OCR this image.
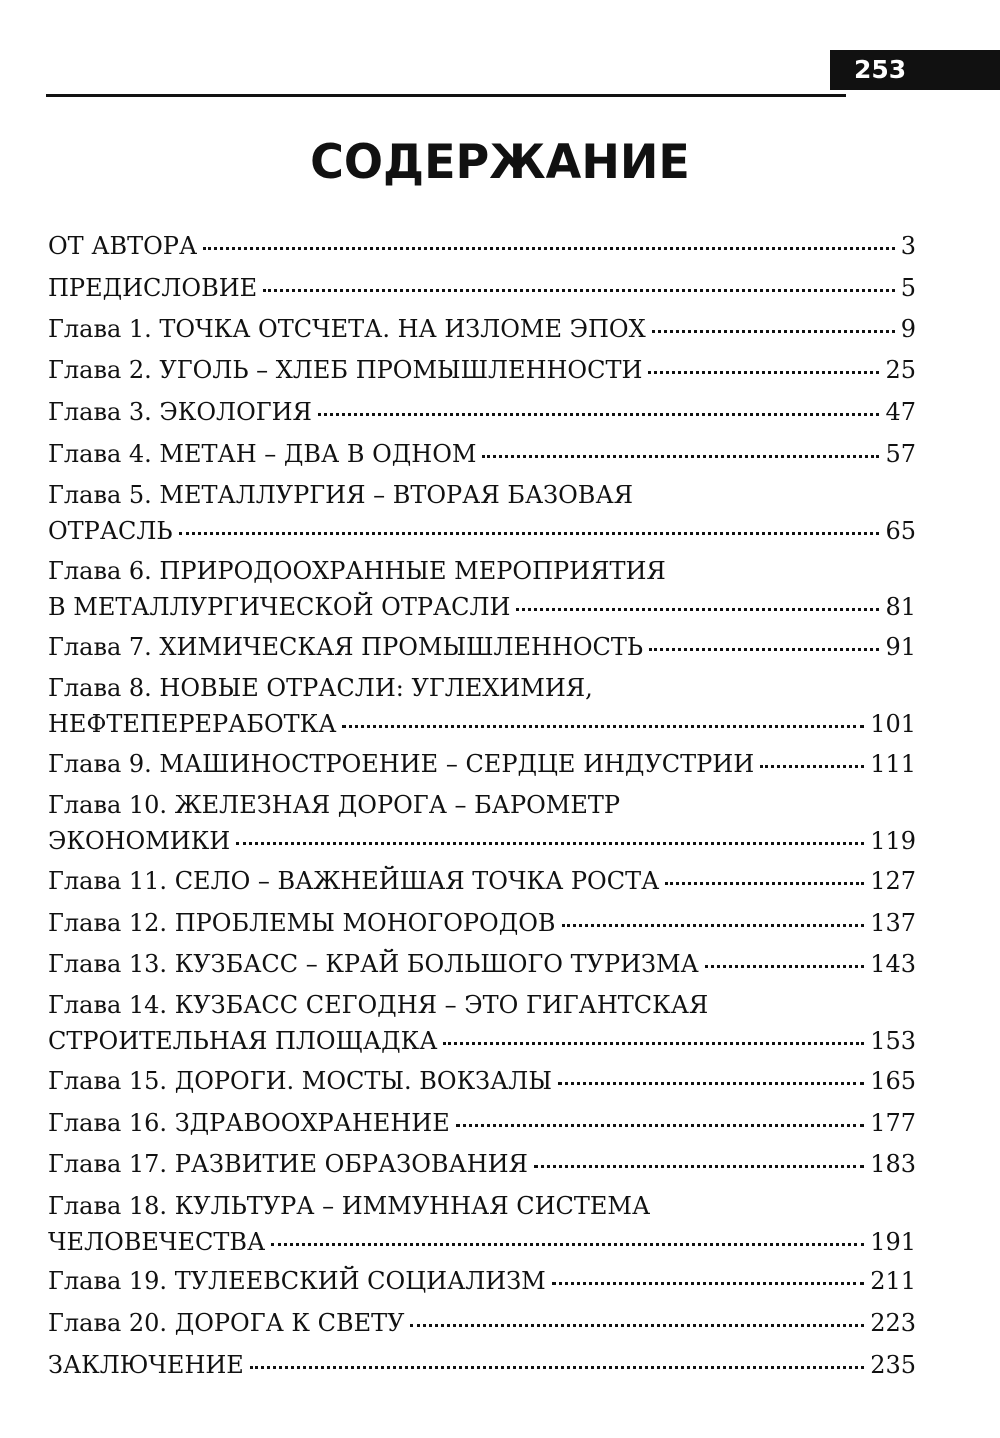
253
СОДЕРЖАНИЕ
ОТ АВТОРА	3
ПРЕДИСЛОВИЕ	5
Глава 1. ТОЧКА ОТСЧЕТА. НА ИЗЛОМЕ ЭПОХ	9
Глава 2. УГОЛЬ – ХЛЕБ ПРОМЫШЛЕННОСТИ	25
Глава 3. ЭКОЛОГИЯ	47
Глава 4. МЕТАН – ДВА В ОДНОМ	57
Глава 5. МЕТАЛЛУРГИЯ – ВТОРАЯ БАЗОВАЯ
ОТРАСЛЬ	65
Глава 6. ПРИРОДООХРАННЫЕ МЕРОПРИЯТИЯ
В МЕТАЛЛУРГИЧЕСКОЙ ОТРАСЛИ	81
Глава 7. ХИМИЧЕСКАЯ ПРОМЫШЛЕННОСТЬ	91
Глава 8. НОВЫЕ ОТРАСЛИ: УГЛЕХИМИЯ,
НЕФТЕПЕРЕРАБОТКА	101
Глава 9. МАШИНОСТРОЕНИЕ – СЕРДЦЕ ИНДУСТРИИ	111
Глава 10. ЖЕЛЕЗНАЯ ДОРОГА – БАРОМЕТР
ЭКОНОМИКИ	119
Глава 11. СЕЛО – ВАЖНЕЙШАЯ ТОЧКА РОСТА	127
Глава 12. ПРОБЛЕМЫ МОНОГОРОДОВ	137
Глава 13. КУЗБАСС – КРАЙ БОЛЬШОГО ТУРИЗМА	143
Глава 14. КУЗБАСС СЕГОДНЯ – ЭТО ГИГАНТСКАЯ
СТРОИТЕЛЬНАЯ ПЛОЩАДКА	153
Глава 15. ДОРОГИ. МОСТЫ. ВОКЗАЛЫ	165
Глава 16. ЗДРАВООХРАНЕНИЕ	177
Глава 17. РАЗВИТИЕ ОБРАЗОВАНИЯ	183
Глава 18. КУЛЬТУРА – ИММУННАЯ СИСТЕМА
ЧЕЛОВЕЧЕСТВА	191
Глава 19. ТУЛЕЕВСКИЙ СОЦИАЛИЗМ	211
Глава 20. ДОРОГА К СВЕТУ	223
ЗАКЛЮЧЕНИЕ	235
